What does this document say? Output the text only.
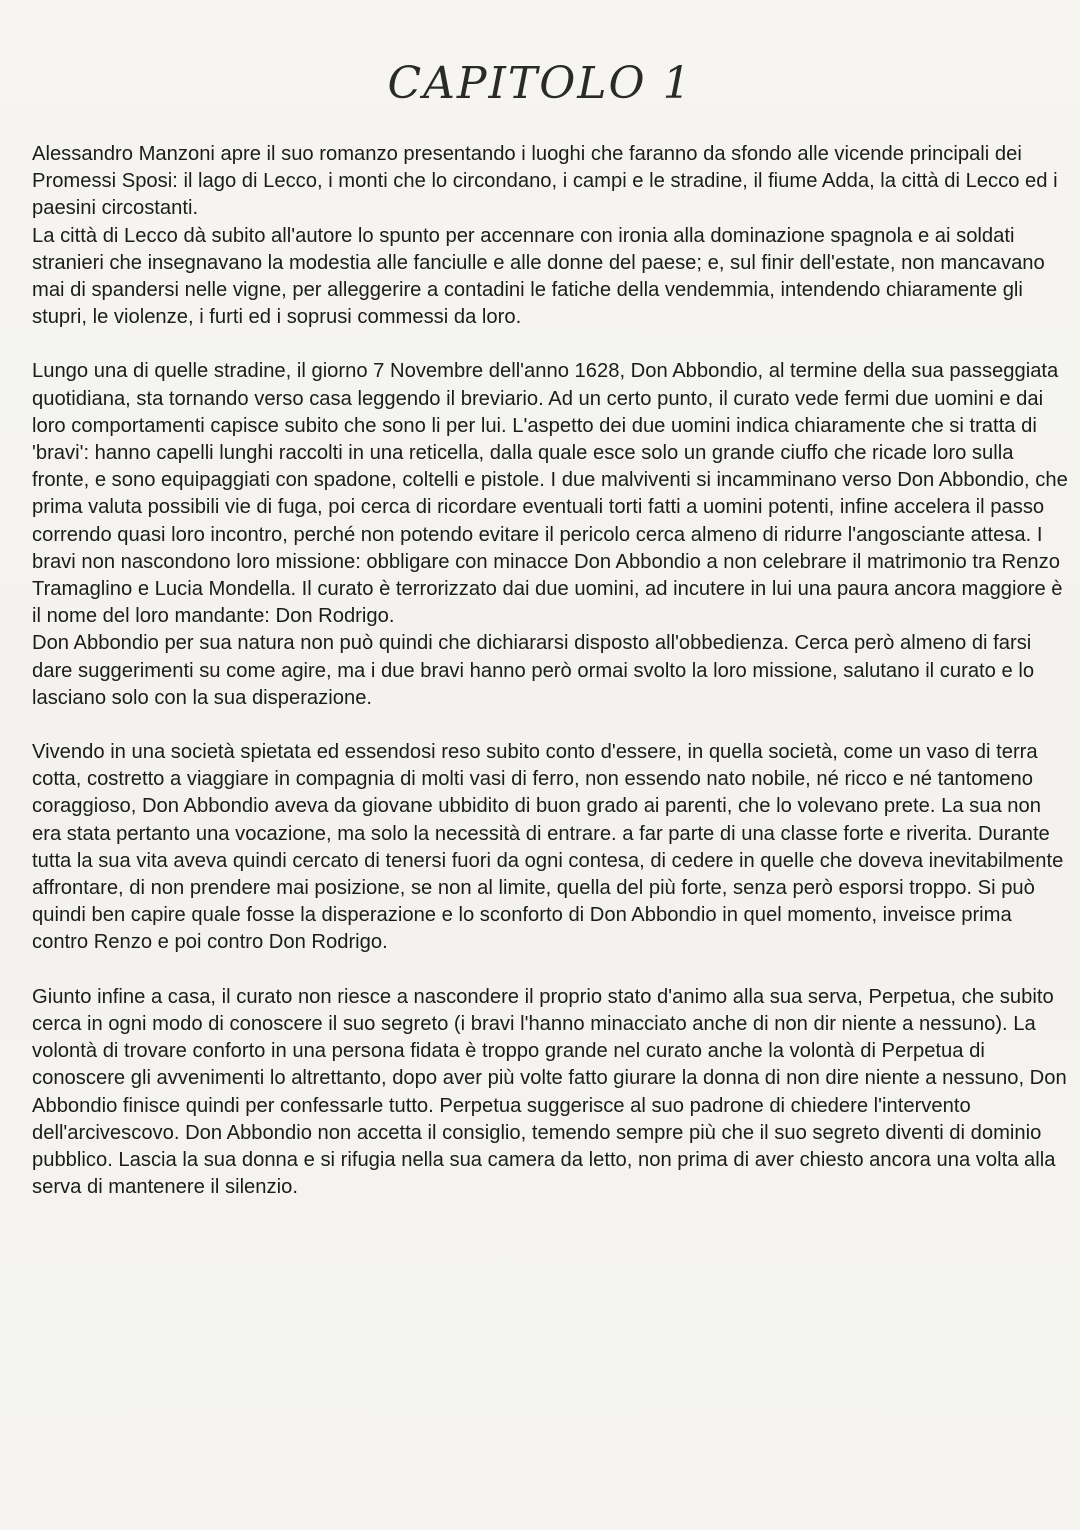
CAPITOLO 1

Alessandro Manzoni apre il suo romanzo presentando i luoghi che faranno da sfondo alle vicende principali dei Promessi Sposi: il lago di Lecco, i monti che lo circondano, i campi e le stradine, il fiume Adda, la città di Lecco ed i paesini circostanti.

La città di Lecco dà subito all'autore lo spunto per accennare con ironia alla dominazione spagnola e ai soldati stranieri che insegnavano la modestia alle fanciulle e alle donne del paese; e, sul finir dell'estate, non mancavano mai di spandersi nelle vigne, per alleggerire a contadini le fatiche della vendemmia, intendendo chiaramente gli stupri, le violenze, i furti ed i soprusi commessi da loro.

Lungo una di quelle stradine, il giorno 7 Novembre dell'anno 1628, Don Abbondio, al termine della sua passeggiata quotidiana, sta tornando verso casa leggendo il breviario. Ad un certo punto, il curato vede fermi due uomini e dai loro comportamenti capisce subito che sono li per lui. L'aspetto dei due uomini indica chiaramente che si tratta di 'bravi': hanno capelli lunghi raccolti in una reticella, dalla quale esce solo un grande ciuffo che ricade loro sulla fronte, e sono equipaggiati con spadone, coltelli e pistole. I due malviventi si incamminano verso Don Abbondio, che prima valuta possibili vie di fuga, poi cerca di ricordare eventuali torti fatti a uomini potenti, infine accelera il passo correndo quasi loro incontro, perché non potendo evitare il pericolo cerca almeno di ridurre l'angosciante attesa. I bravi non nascondono loro missione: obbligare con minacce Don Abbondio a non celebrare il matrimonio tra Renzo Tramaglino e Lucia Mondella. Il curato è terrorizzato dai due uomini, ad incutere in lui una paura ancora maggiore è il nome del loro mandante: Don Rodrigo.

Don Abbondio per sua natura non può quindi che dichiararsi disposto all'obbedienza. Cerca però almeno di farsi dare suggerimenti su come agire, ma i due bravi hanno però ormai svolto la loro missione, salutano il curato e lo lasciano solo con la sua disperazione.

Vivendo in una società spietata ed essendosi reso subito conto d'essere, in quella società, come un vaso di terra cotta, costretto a viaggiare in compagnia di molti vasi di ferro, non essendo nato nobile, né ricco e né tantomeno coraggioso, Don Abbondio aveva da giovane ubbidito di buon grado ai parenti, che lo volevano prete. La sua non era stata pertanto una vocazione, ma solo la necessità di entrare. a far parte di una classe forte e riverita. Durante tutta la sua vita aveva quindi cercato di tenersi fuori da ogni contesa, di cedere in quelle che doveva inevitabilmente affrontare, di non prendere mai posizione, se non al limite, quella del più forte, senza però esporsi troppo. Si può quindi ben capire quale fosse la disperazione e lo sconforto di Don Abbondio in quel momento, inveisce prima contro Renzo e poi contro Don Rodrigo.

Giunto infine a casa, il curato non riesce a nascondere il proprio stato d'animo alla sua serva, Perpetua, che subito cerca in ogni modo di conoscere il suo segreto (i bravi l'hanno minacciato anche di non dir niente a nessuno). La volontà di trovare conforto in una persona fidata è troppo grande nel curato anche la volontà di Perpetua di conoscere gli avvenimenti lo altrettanto, dopo aver più volte fatto giurare la donna di non dire niente a nessuno, Don Abbondio finisce quindi per confessarle tutto. Perpetua suggerisce al suo padrone di chiedere l'intervento dell'arcivescovo. Don Abbondio non accetta il consiglio, temendo sempre più che il suo segreto diventi di dominio pubblico. Lascia la sua donna e si rifugia nella sua camera da letto, non prima di aver chiesto ancora una volta alla serva di mantenere il silenzio.
